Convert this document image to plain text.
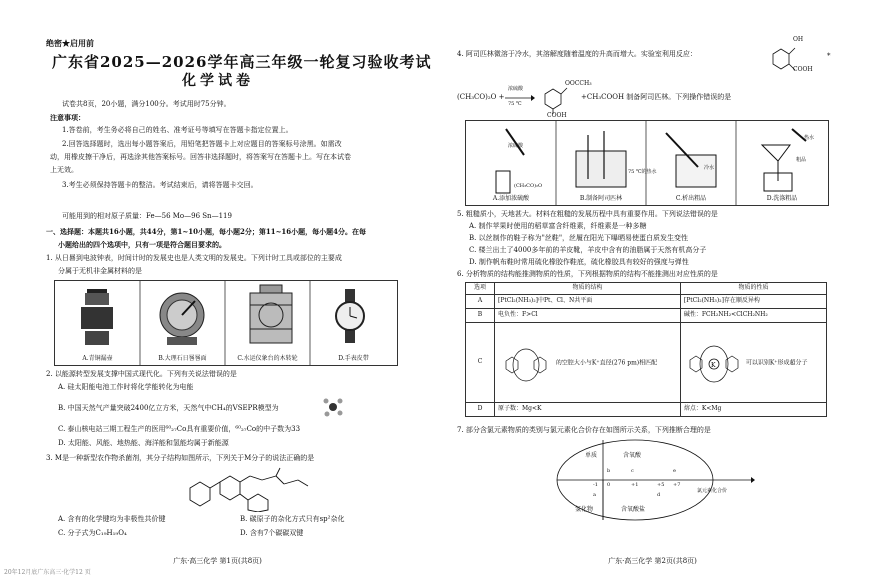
绝密★启用前
广东省2025—2026学年高三年级一轮复习验收考试
化学试卷
试卷共8页，20小题，满分100分。考试用时75分钟。
注意事项：
1.答卷前，考生务必将自己的姓名、准考证号等填写在答题卡指定位置上。
2.回答选择题时，选出每小题答案后，用铅笔把答题卡上对应题目的答案标号涂黑。如需改
动，用橡皮擦干净后，再选涂其他答案标号。回答非选择题时，将答案写在答题卡上。写在本试卷
上无效。
3.考生必须保持答题卡的整洁。考试结束后，请将答题卡交回。
可能用到的相对原子质量：Fe—56 Mo—96 Sn—119
一、选择题：本题共16小题，共44分，第1~10小题，每小题2分；第11~16小题，每小题4分。在每
小题给出的四个选项中，只有一项是符合题目要求的。
1. 从日晷到电波钟表，时间计时的发展史也是人类文明的发展史。下列计时工具或部位的主要成
分属于无机非金属材料的是
A.青铜漏壶	B.大理石日晷晷面	C.水运仪象台的木转轮	D.手表皮带
2. 以能源转型发展支撑中国式现代化。下列有关说法错误的是
A. 硅太阳能电池工作时将化学能转化为电能
B. 中国天然气产量突破2400亿立方米，天然气中CH₄的VSEPR模型为
C. 泰山核电站三期工程生产的医用⁶⁰₂₇Co具有重要价值，⁶⁰₂₇Co的中子数为33
D. 太阳能、风能、地热能、海洋能和氢能均属于新能源
3. M是一种新型农作物杀菌剂，其分子结构如图所示，下列关于M分子的说法正确的是
A. 含有的化学键均为非极性共价键	B. 碳原子的杂化方式只有sp²杂化
C. 分子式为C₁₉H₁₉O₄	D. 含有7个碳碳双键
广东·高三化学 第1页(共8页)
4. 阿司匹林微溶于冷水，其溶解度随着温度的升高而增大。实验室利用反应：
OH
COOH
*
(CH₃CO)₂O +
浓硫酸
75 ℃
OOCCH₃
COOH
+CH₃COOH 制备阿司匹林。下列操作错误的是
浓硫酸
(CH₃CO)₂O
75 ℃的热水
冷水
热水
粗品
A.添加浓硫酸	B.制备阿司匹林	C.析出粗品	D.洗涤粗品
5. 粗糙质小，天地甚大。材料在粗糙的发展历程中具有重要作用。下列说法错误的是
A. 制作苹果时使用的稻草富含纤维素，纤维素是一种多糖
B. 以丝制作的鞋子称为"丝鞋"，丝履在阳光下曝晒易使蛋白质发生变性
C. 楼兰出土了4000多年前的羊皮靴，羊皮中含有的油脂属于天然有机高分子
D. 制作帆布鞋时常用硫化橡胶作鞋底，硫化橡胶具有较好的强度与弹性
6. 分析物质的结构能推测物质的性质，下列根据物质的结构不能推测出对应性质的是
选项	物质的结构	物质的性质
A	[PtCl₂(NH₃)₂]中Pt、Cl、N共平面	[PtCl₂(NH₃)₂]存在顺反异构
B	电负性：F>Cl	碱性：FCH₂NH₂<ClCH₂NH₂
C	的空腔大小与K⁺直径(276 pm)相匹配	K 可以识别K⁺形成超分子
D	原子数：Mg<K	熔点：K<Mg
7. 部分含氯元素物质的类别与氯元素化合价存在如图所示关系，下列推断合理的是
单质	含氧酸
氢化物	含氧酸盐
氯元素化合价
-1 0	+1	+5 +7
a
b	c
d
e
广东·高三化学 第2页(共8页)
20年12月底广东高三·化学12 页
